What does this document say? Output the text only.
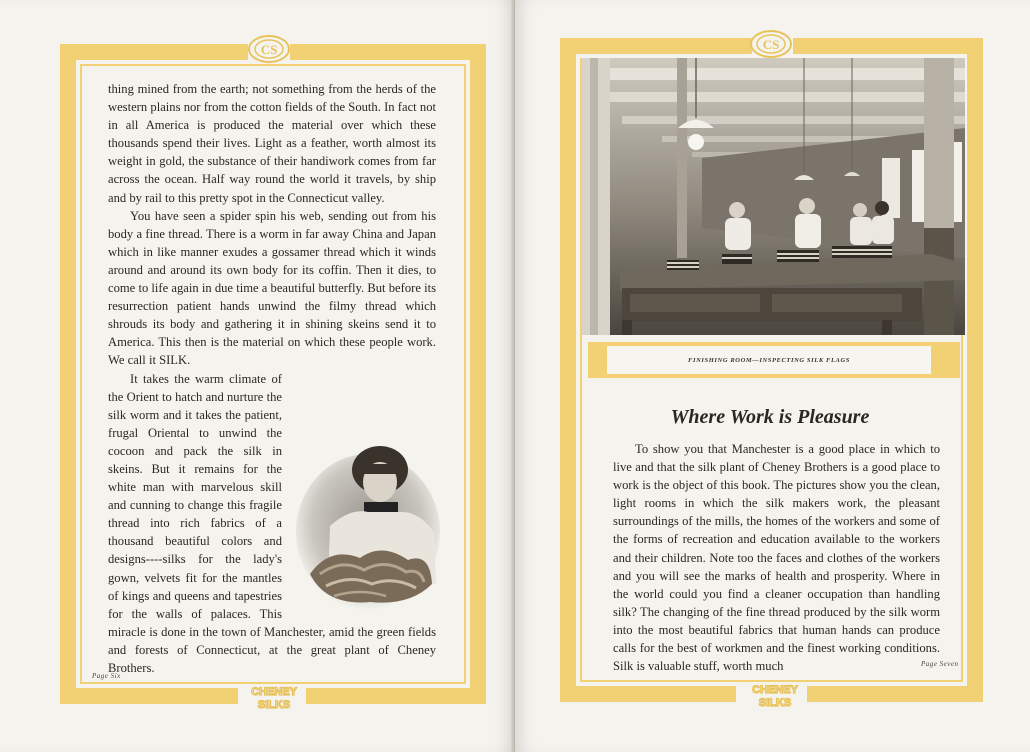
CS
CHENEY
SILKS

thing mined from the earth; not something from the herds of the western plains nor from the cotton fields of the South. In fact not in all America is produced the material over which these thousands spend their lives. Light as a feather, worth almost its weight in gold, the substance of their handiwork comes from far across the ocean. Half way round the world it travels, by ship and by rail to this pretty spot in the Connecticut valley.

You have seen a spider spin his web, sending out from his body a fine thread. There is a worm in far away China and Japan which in like manner exudes a gossamer thread which it winds around and around its own body for its coffin. Then it dies, to come to life again in due time a beautiful butterfly. But before its resurrection patient hands unwind the filmy thread which shrouds its body and gathering it in shining skeins send it to America. This then is the material on which these people work. We call it SILK.

It takes the warm climate of the Orient to hatch and nurture the silk worm and it takes the patient, frugal Oriental to unwind the cocoon and pack the silk in skeins. But it remains for the white man with marvelous skill and cunning to change this fragile thread into rich fabrics of a thousand beautiful colors and designs----silks for the lady's gown, velvets fit for the mantles of kings and queens and tapestries for the walls of palaces. This miracle is done in the town of Manchester, amid the green fields and forests of Connecticut, at the great plant of Cheney Brothers.

Page Six
CS
CHENEY
SILKS
FINISHING ROOM—INSPECTING SILK FLAGS
Where Work is Pleasure

To show you that Manchester is a good place in which to live and that the silk plant of Cheney Brothers is a good place to work is the object of this book. The pictures show you the clean, light rooms in which the silk makers work, the pleasant surroundings of the mills, the homes of the workers and some of the forms of recreation and education available to the workers and their children. Note too the faces and clothes of the workers and you will see the marks of health and prosperity. Where in the world could you find a cleaner occupation than handling silk? The changing of the fine thread produced by the silk worm into the most beautiful fabrics that human hands can produce calls for the best of workmen and the finest working conditions. Silk is valuable stuff, worth much	Page Seven
